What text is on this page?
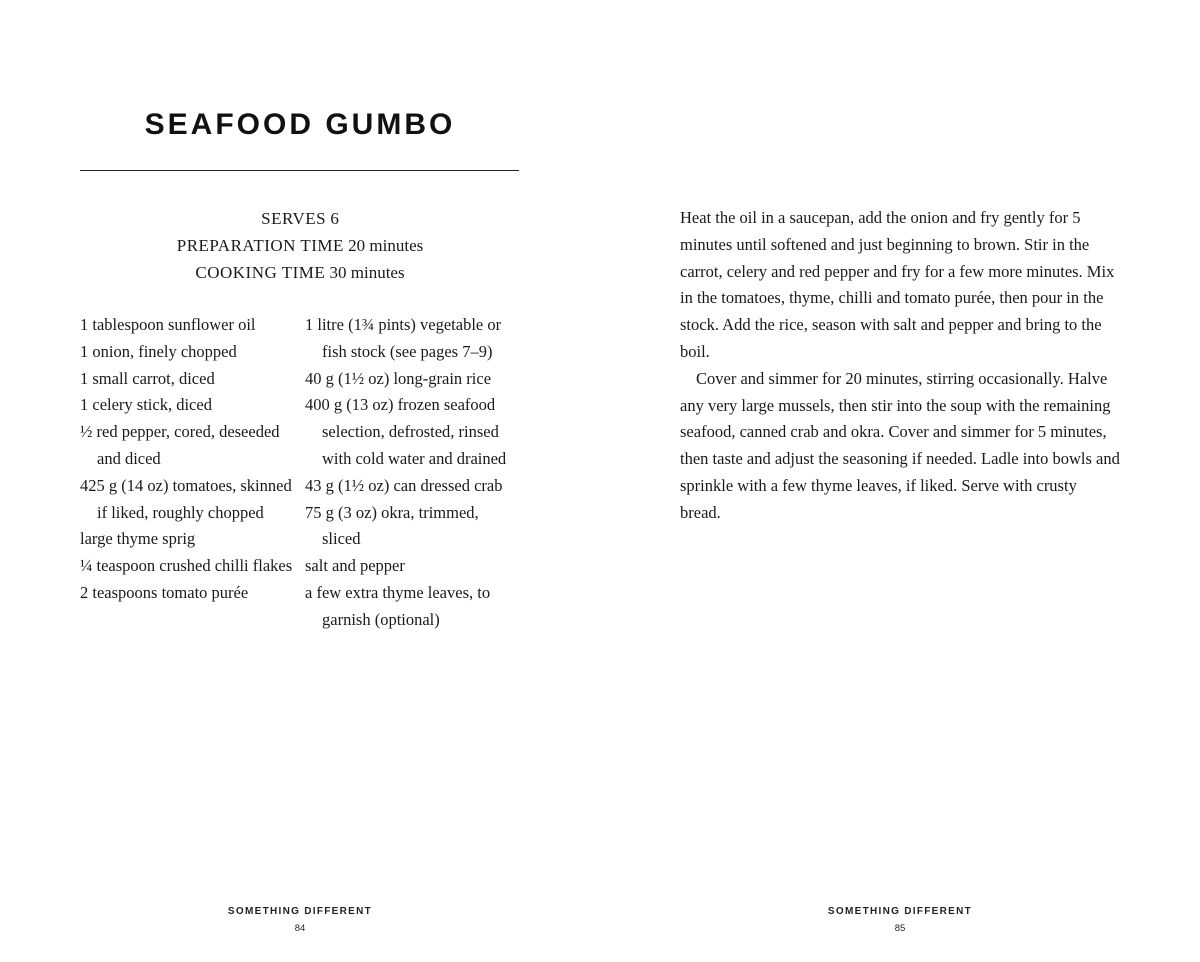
SEAFOOD GUMBO
SERVES 6
PREPARATION TIME 20 minutes
COOKING TIME 30 minutes
1 tablespoon sunflower oil
1 onion, finely chopped
1 small carrot, diced
1 celery stick, diced
½ red pepper, cored, deseeded and diced
425 g (14 oz) tomatoes, skinned if liked, roughly chopped
large thyme sprig
¼ teaspoon crushed chilli flakes
2 teaspoons tomato purée
1 litre (1¾ pints) vegetable or fish stock (see pages 7–9)
40 g (1½ oz) long-grain rice
400 g (13 oz) frozen seafood selection, defrosted, rinsed with cold water and drained
43 g (1½ oz) can dressed crab
75 g (3 oz) okra, trimmed, sliced
salt and pepper
a few extra thyme leaves, to garnish (optional)
SOMETHING DIFFERENT
84

Heat the oil in a saucepan, add the onion and fry gently for 5 minutes until softened and just beginning to brown. Stir in the carrot, celery and red pepper and fry for a few more minutes. Mix in the tomatoes, thyme, chilli and tomato purée, then pour in the stock. Add the rice, season with salt and pepper and bring to the boil.

Cover and simmer for 20 minutes, stirring occasionally. Halve any very large mussels, then stir into the soup with the remaining seafood, canned crab and okra. Cover and simmer for 5 minutes, then taste and adjust the seasoning if needed. Ladle into bowls and sprinkle with a few thyme leaves, if liked. Serve with crusty bread.

SOMETHING DIFFERENT
85
